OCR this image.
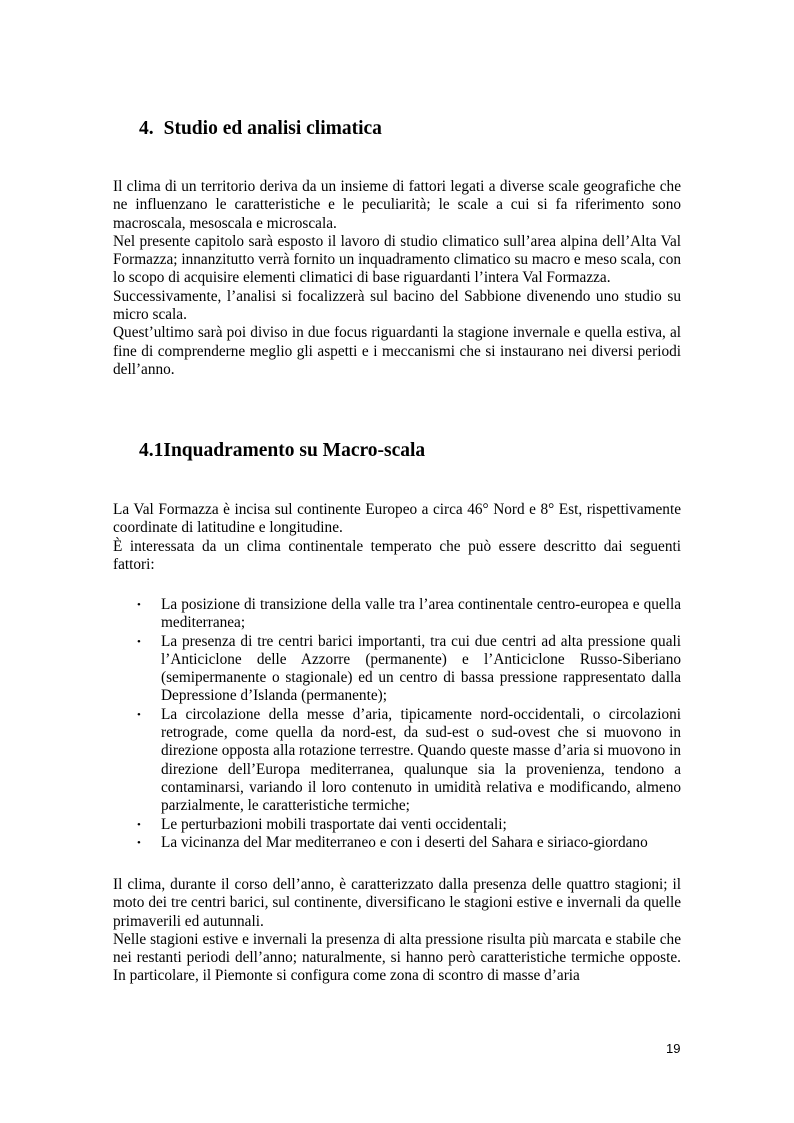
4. Studio ed analisi climatica

Il clima di un territorio deriva da un insieme di fattori legati a diverse scale geografiche che ne influenzano le caratteristiche e le peculiarità; le scale a cui si fa riferimento sono macroscala, mesoscala e microscala.

Nel presente capitolo sarà esposto il lavoro di studio climatico sull’area alpina dell’Alta Val Formazza; innanzitutto verrà fornito un inquadramento climatico su macro e meso scala, con lo scopo di acquisire elementi climatici di base riguardanti l’intera Val Formazza.

Successivamente, l’analisi si focalizzerà sul bacino del Sabbione divenendo uno studio su micro scala.

Quest’ultimo sarà poi diviso in due focus riguardanti la stagione invernale e quella estiva, al fine di comprenderne meglio gli aspetti e i meccanismi che si instaurano nei diversi periodi dell’anno.

4.1Inquadramento su Macro-scala

La Val Formazza è incisa sul continente Europeo a circa 46° Nord e 8° Est, rispettivamente coordinate di latitudine e longitudine.

È interessata da un clima continentale temperato che può essere descritto dai seguenti fattori:

• La posizione di transizione della valle tra l’area continentale centro-europea e quella mediterranea;
• La presenza di tre centri barici importanti, tra cui due centri ad alta pressione quali l’Anticiclone delle Azzorre (permanente) e l’Anticiclone Russo-Siberiano (semipermanente o stagionale) ed un centro di bassa pressione rappresentato dalla Depressione d’Islanda (permanente);
• La circolazione della messe d’aria, tipicamente nord-occidentali, o circolazioni retrograde, come quella da nord-est, da sud-est o sud-ovest che si muovono in direzione opposta alla rotazione terrestre. Quando queste masse d’aria si muovono in direzione dell’Europa mediterranea, qualunque sia la provenienza, tendono a contaminarsi, variando il loro contenuto in umidità relativa e modificando, almeno parzialmente, le caratteristiche termiche;
• Le perturbazioni mobili trasportate dai venti occidentali;
• La vicinanza del Mar mediterraneo e con i deserti del Sahara e siriaco-giordano

Il clima, durante il corso dell’anno, è caratterizzato dalla presenza delle quattro stagioni; il moto dei tre centri barici, sul continente, diversificano le stagioni estive e invernali da quelle primaverili ed autunnali.

Nelle stagioni estive e invernali la presenza di alta pressione risulta più marcata e stabile che nei restanti periodi dell’anno; naturalmente, si hanno però caratteristiche termiche opposte. In particolare, il Piemonte si configura come zona di scontro di masse d’aria

19
